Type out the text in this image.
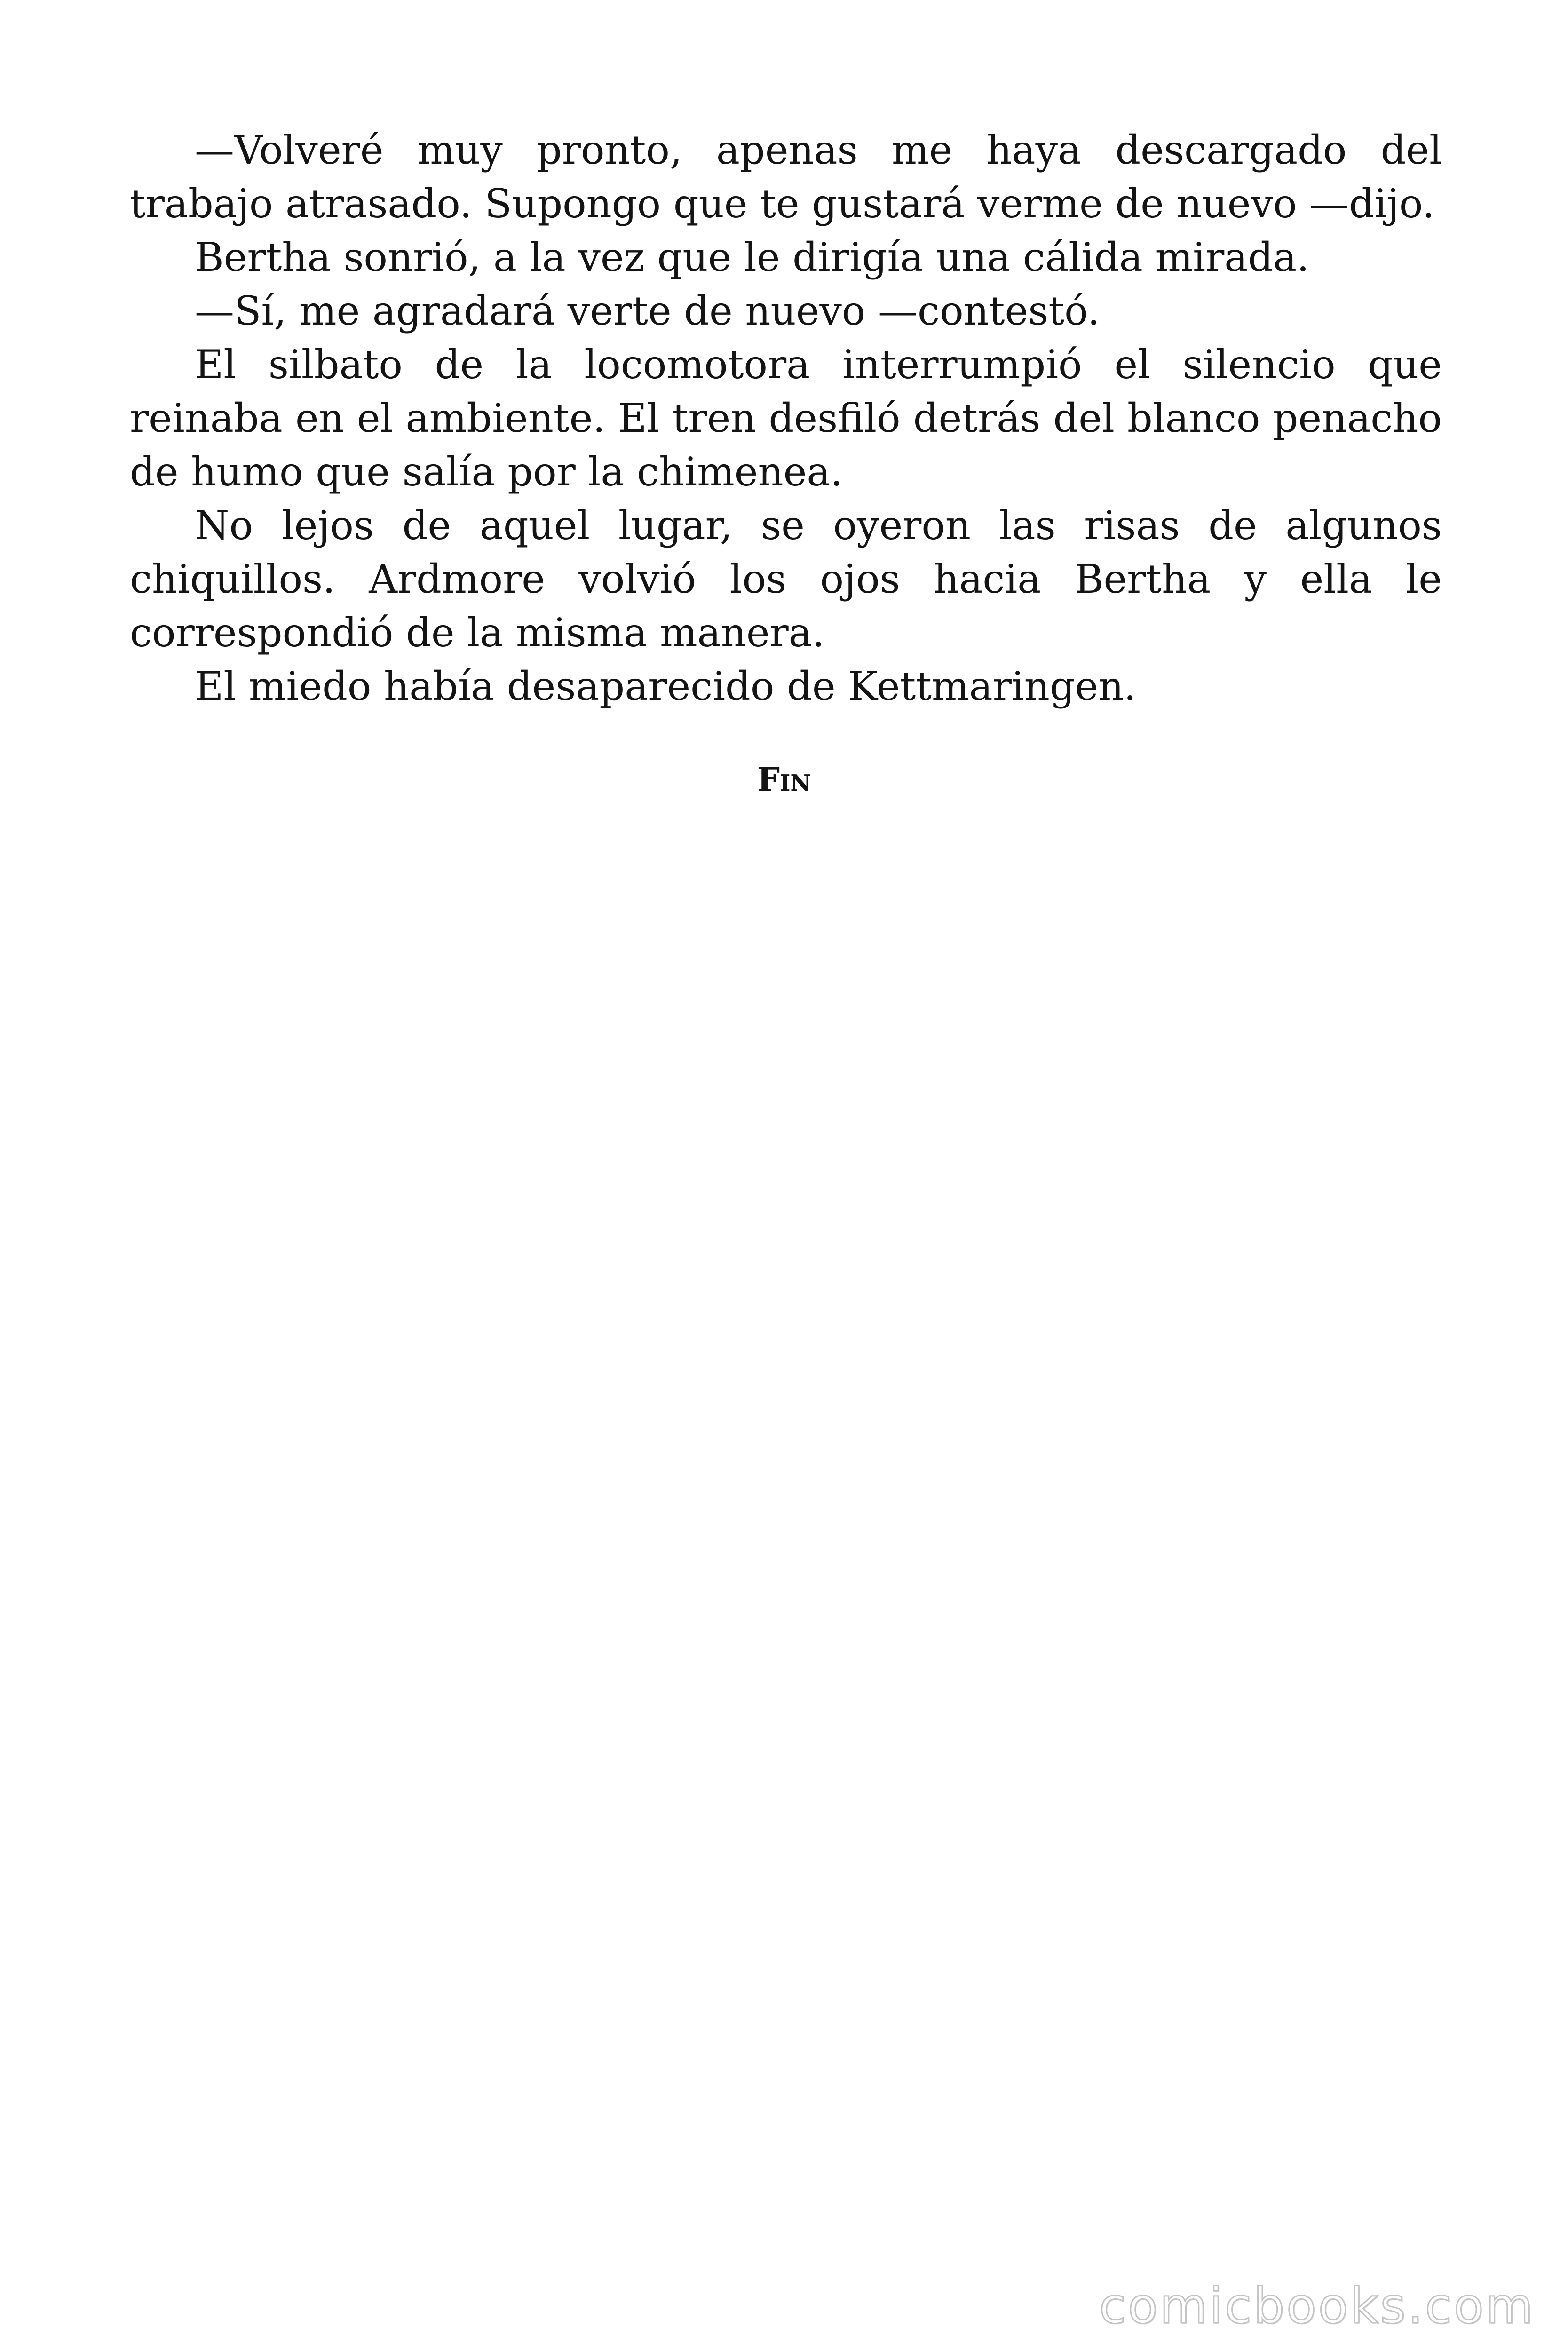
—Volveré muy pronto, apenas me haya descargado del trabajo atrasado. Supongo que te gustará verme de nuevo —dijo.

Bertha sonrió, a la vez que le dirigía una cálida mirada.

—Sí, me agradará verte de nuevo —contestó.

El silbato de la locomotora interrumpió el silencio que reinaba en el ambiente. El tren desfiló detrás del blanco penacho de humo que salía por la chimenea.

No lejos de aquel lugar, se oyeron las risas de algunos chiquillos. Ardmore volvió los ojos hacia Bertha y ella le correspondió de la misma manera.

El miedo había desaparecido de Kettmaringen.

Fin
comicbooks.com
